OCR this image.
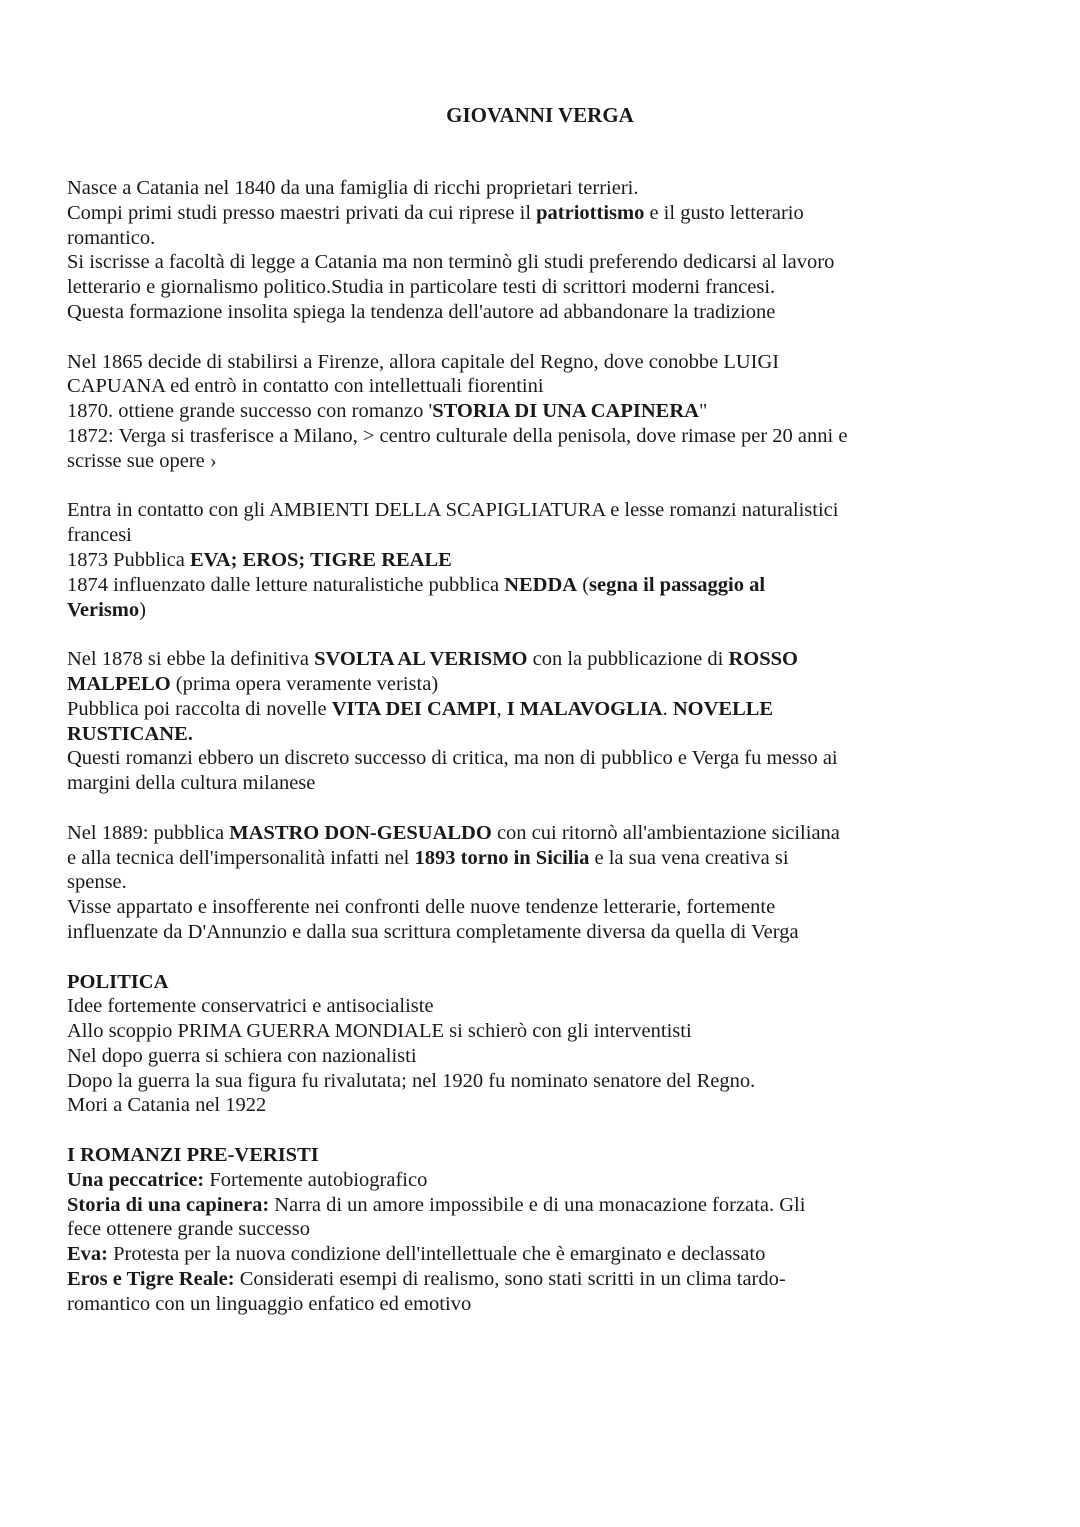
GIOVANNI VERGA
Nasce a Catania nel 1840 da una famiglia di ricchi proprietari terrieri.
Compi primi studi presso maestri privati da cui riprese il patriottismo e il gusto letterario
romantico.
Si iscrisse a facoltà di legge a Catania ma non terminò gli studi preferendo dedicarsi al lavoro
letterario e giornalismo politico.Studia in particolare testi di scrittori moderni francesi.
Questa formazione insolita spiega la tendenza dell'autore ad abbandonare la tradizione
Nel 1865 decide di stabilirsi a Firenze, allora capitale del Regno, dove conobbe LUIGI
CAPUANA ed entrò in contatto con intellettuali fiorentini
1870. ottiene grande successo con romanzo 'STORIA DI UNA CAPINERA"
1872: Verga si trasferisce a Milano, > centro culturale della penisola, dove rimase per 20 anni e
scrisse sue opere ›
Entra in contatto con gli AMBIENTI DELLA SCAPIGLIATURA e lesse romanzi naturalistici
francesi
1873 Pubblica EVA; EROS; TIGRE REALE
1874 influenzato dalle letture naturalistiche pubblica NEDDA (segna il passaggio al
Verismo)
Nel 1878 si ebbe la definitiva SVOLTA AL VERISMO con la pubblicazione di ROSSO
MALPELO (prima opera veramente verista)
Pubblica poi raccolta di novelle VITA DEI CAMPI, I MALAVOGLIA. NOVELLE
RUSTICANE.
Questi romanzi ebbero un discreto successo di critica, ma non di pubblico e Verga fu messo ai
margini della cultura milanese
Nel 1889: pubblica MASTRO DON-GESUALDO con cui ritornò all'ambientazione siciliana
e alla tecnica dell'impersonalità infatti nel 1893 torno in Sicilia e la sua vena creativa si
spense.
Visse appartato e insofferente nei confronti delle nuove tendenze letterarie, fortemente
influenzate da D'Annunzio e dalla sua scrittura completamente diversa da quella di Verga
POLITICA
Idee fortemente conservatrici e antisocialiste
Allo scoppio PRIMA GUERRA MONDIALE si schierò con gli interventisti
Nel dopo guerra si schiera con nazionalisti
Dopo la guerra la sua figura fu rivalutata; nel 1920 fu nominato senatore del Regno.
Mori a Catania nel 1922
I ROMANZI PRE-VERISTI
Una peccatrice: Fortemente autobiografico
Storia di una capinera: Narra di un amore impossibile e di una monacazione forzata. Gli
fece ottenere grande successo
Eva: Protesta per la nuova condizione dell'intellettuale che è emarginato e declassato
Eros e Tigre Reale: Considerati esempi di realismo, sono stati scritti in un clima tardo-
romantico con un linguaggio enfatico ed emotivo
